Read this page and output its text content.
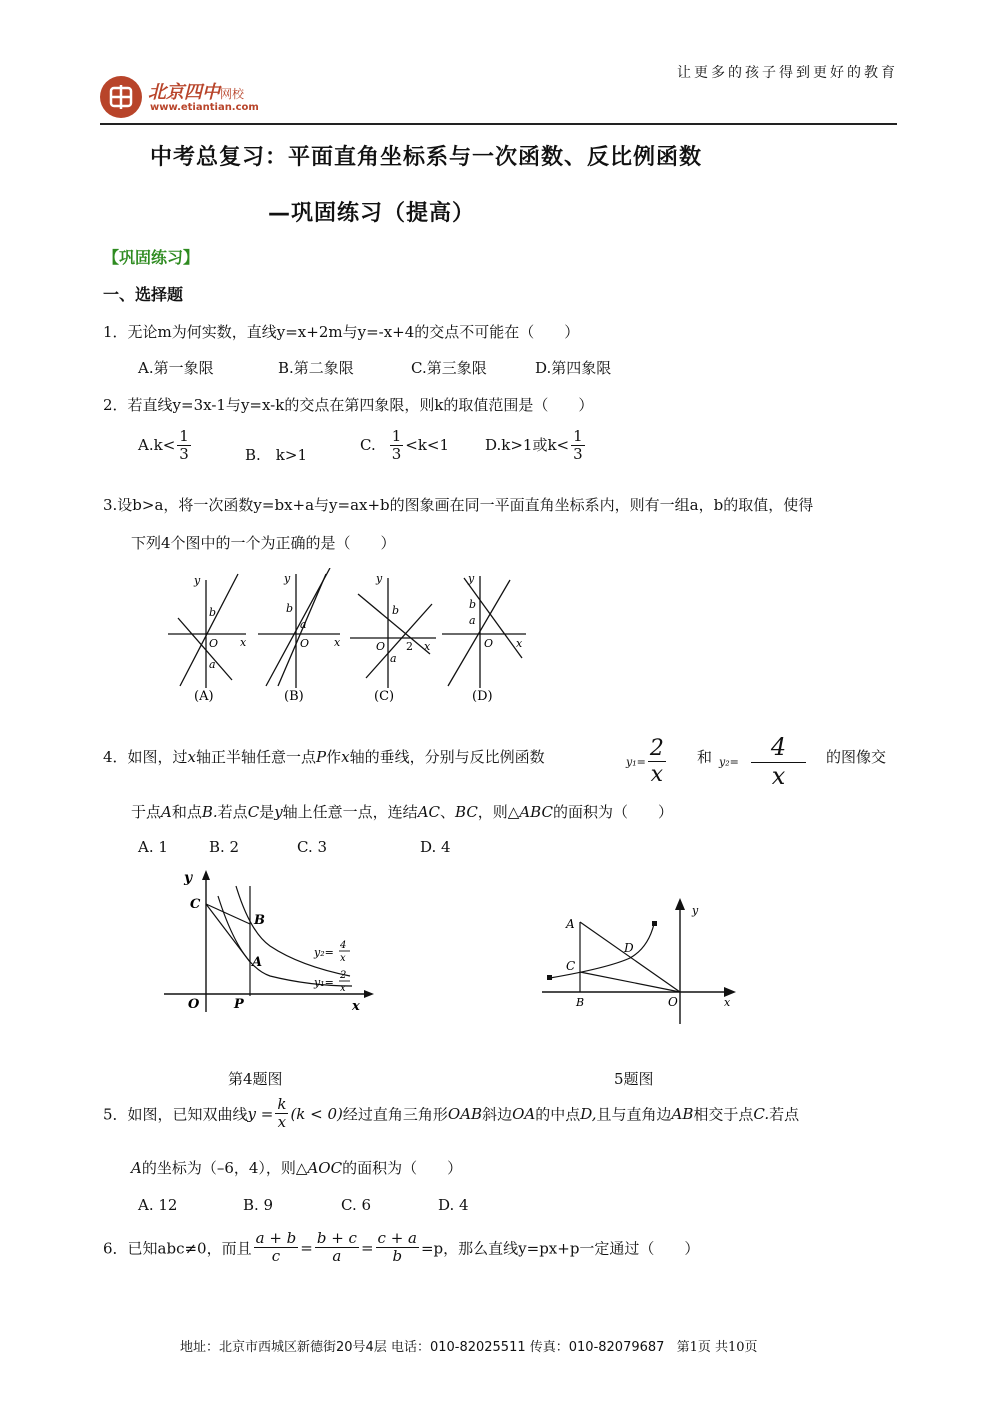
让更多的孩子得到更好的教育
北京四中网校
www.etiantian.com
中考总复习：平面直角坐标系与一次函数、反比例函数
—巩固练习（提高）
【巩固练习】
一、选择题
1．无论m为何实数，直线y=x+2m与y=-x+4的交点不可能在（　　）
A.第一象限	B.第二象限	C.第三象限	D.第四象限
2．若直线y=3x-1与y=x-k的交点在第四象限，则k的取值范围是（　　）
$A.k< \frac{1}{3}$	B.　k>1
C. $\frac{1}{3} <k<1$ D.k>1或$k< \frac{1}{3}$
3.设b>a，将一次函数y=bx+a与y=ax+b的图象画在同一平面直角坐标系内，则有一组a，b的取值，使得
下列4个图中的一个为正确的是（　　）
y
b
O x
a
(A)
y
b
a
O x
(B)
y
b
O 2
a
x
(C)
y
b
a
O x
(D)
4．如图，过x轴正半轴任意一点P作x轴的垂线，分别与反比例函数	$y_1= \frac{2}{x}$ 和 $y_2= \frac{4}{x}$ 的图像交
于点A和点B.若点C是y轴上任意一点，连结AC、BC，则△ABC的面积为（　　）
A. 1	B. 2	C. 3	D. 4
y
C
B
A
O	P	x
y₂=
4
x
y₁=
2
x
A
C
D
B	O	x
y
第4题图	5题图
5．如图，已知双曲线$y = \frac{k}{x} (k < 0)$经过直角三角形OAB斜边OA的中点D,且与直角边AB相交于点C.若点
A的坐标为（–6，4），则△AOC的面积为（　　）
A. 12	B. 9	C. 6	D. 4
6．已知abc≠0，而且 $\frac{a + b}{c} = \frac{b + c}{a} = \frac{c + a}{b} =p$，那么直线y=px+p一定通过（　　）
地址：北京市西城区新德街20号4层 电话：010-82025511 传真：010-82079687 第1页 共10页
